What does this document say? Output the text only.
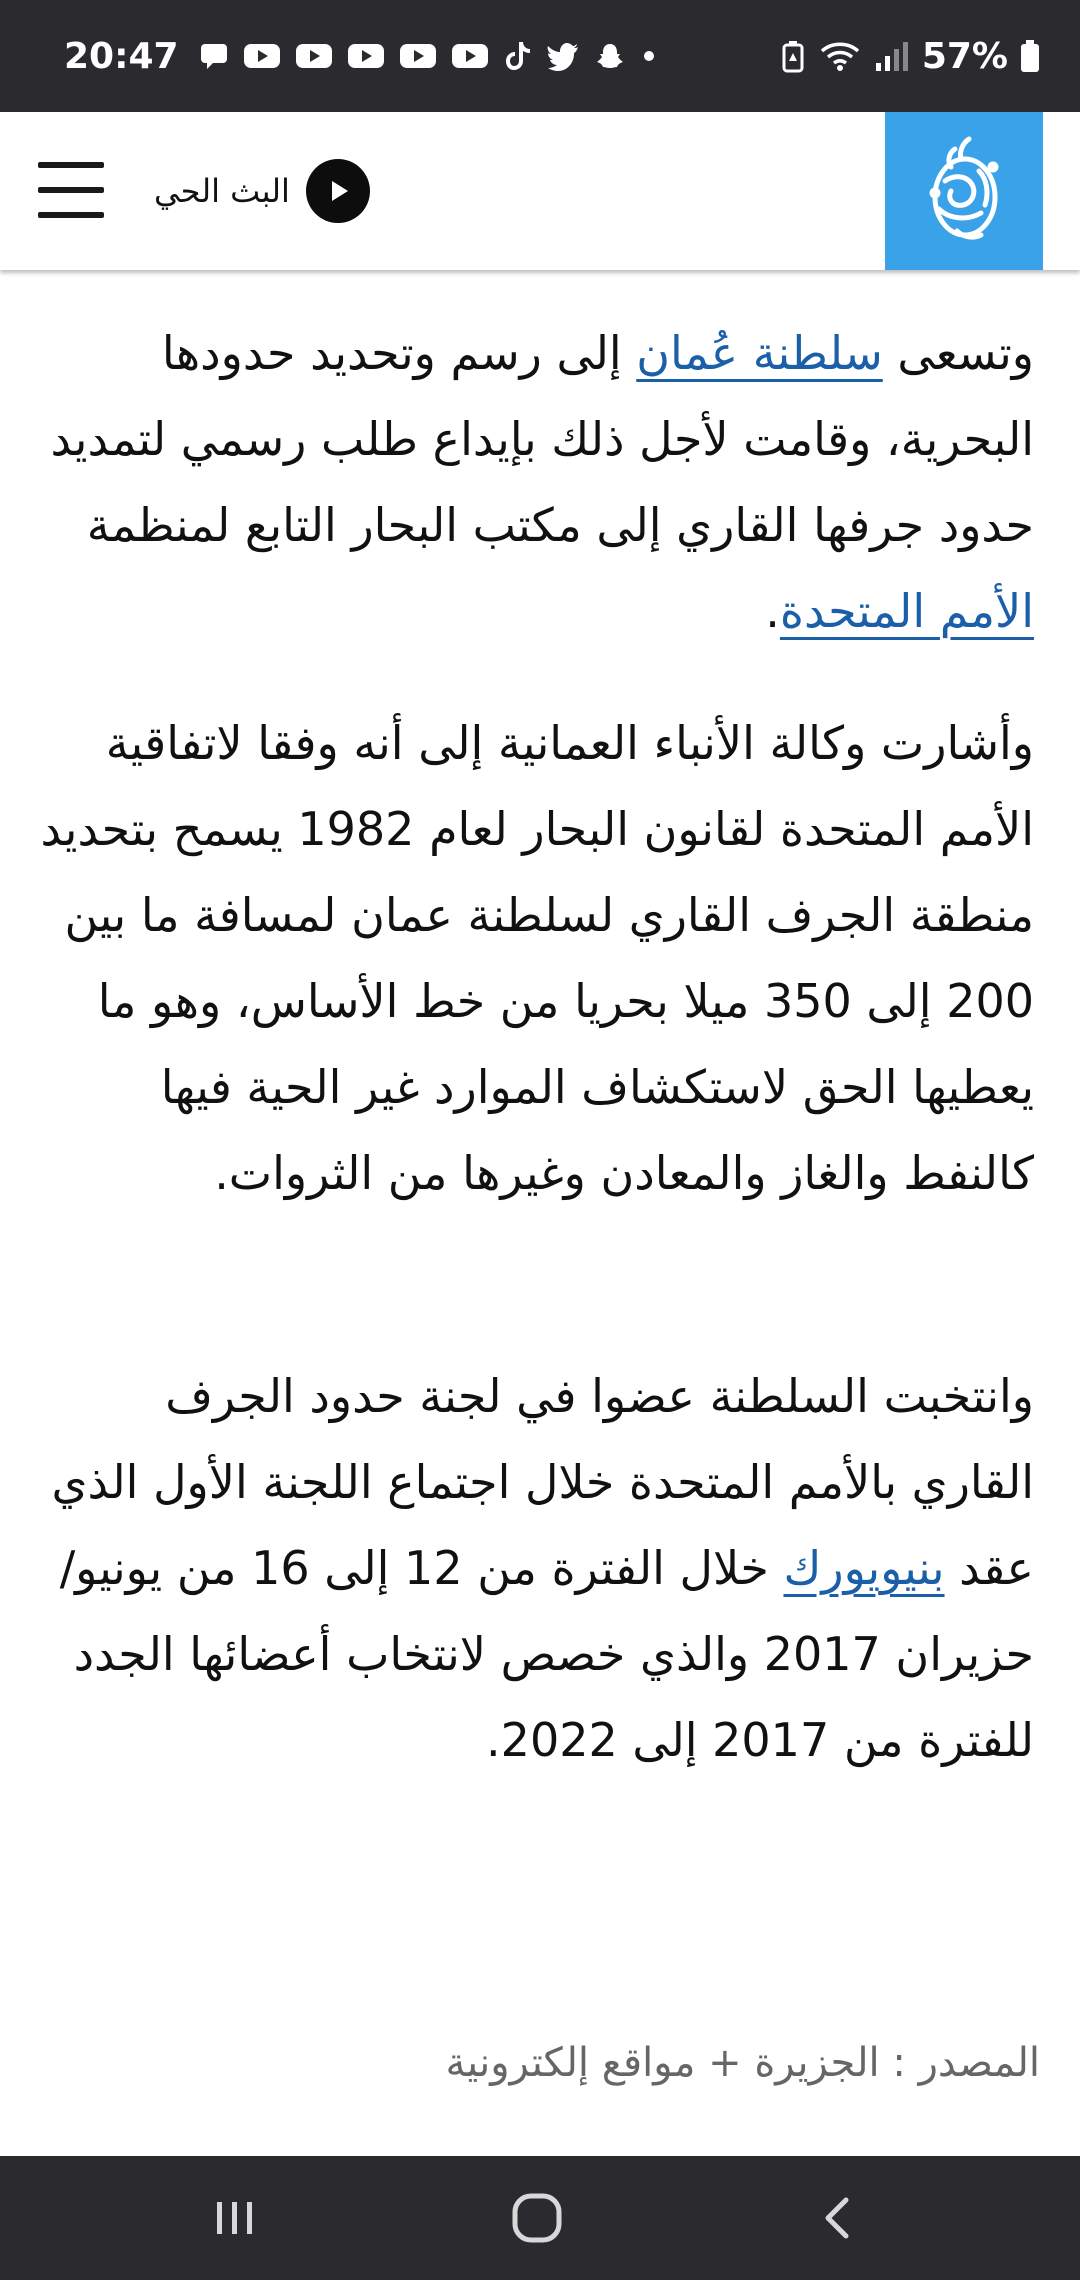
20:47	57%
البث الحي

وتسعى سلطنة عُمان إلى رسم وتحديد حدودها البحرية، وقامت لأجل ذلك بإيداع طلب رسمي لتمديد حدود جرفها القاري إلى مكتب البحار التابع لمنظمة الأمم المتحدة.

وأشارت وكالة الأنباء العمانية إلى أنه وفقا لاتفاقية الأمم المتحدة لقانون البحار لعام 1982 يسمح بتحديد منطقة الجرف القاري لسلطنة عمان لمسافة ما بين 200 إلى 350 ميلا بحريا من خط الأساس، وهو ما يعطيها الحق لاستكشاف الموارد غير الحية فيها كالنفط والغاز والمعادن وغيرها من الثروات.

وانتخبت السلطنة عضوا في لجنة حدود الجرف القاري بالأمم المتحدة خلال اجتماع اللجنة الأول الذي عقد بنيويورك خلال الفترة من 12 إلى 16 من يونيو/حزيران 2017 والذي خصص لانتخاب أعضائها الجدد للفترة من 2017 إلى 2022.

المصدر : الجزيرة + مواقع إلكترونية
